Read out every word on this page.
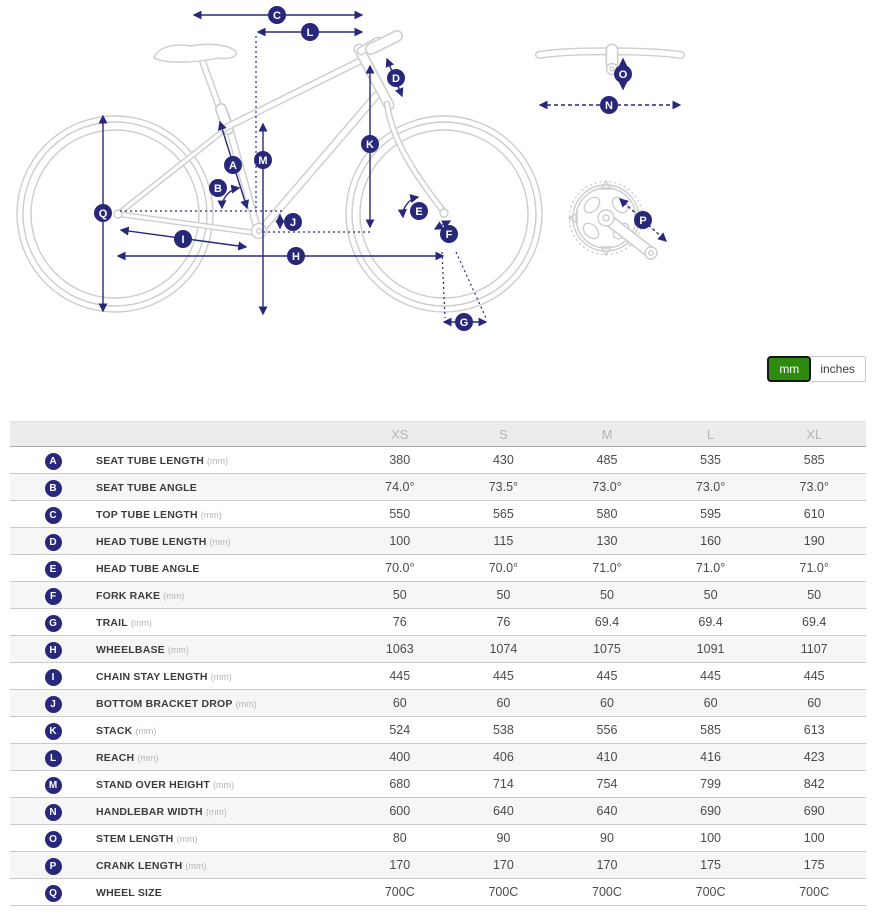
A
B
C
D
E
F
G
H
I
J
K
L
M
N
O
P
Q
mm	inches
		XS	S	M	L	XL
A	SEAT TUBE LENGTH (mm)	380	430	485	535	585
B	SEAT TUBE ANGLE	74.0°	73.5°	73.0°	73.0°	73.0°
C	TOP TUBE LENGTH (mm)	550	565	580	595	610
D	HEAD TUBE LENGTH (mm)	100	115	130	160	190
E	HEAD TUBE ANGLE	70.0°	70.0°	71.0°	71.0°	71.0°
F	FORK RAKE (mm)	50	50	50	50	50
G	TRAIL (mm)	76	76	69.4	69.4	69.4
H	WHEELBASE (mm)	1063	1074	1075	1091	1107
I	CHAIN STAY LENGTH (mm)	445	445	445	445	445
J	BOTTOM BRACKET DROP (mm)	60	60	60	60	60
K	STACK (mm)	524	538	556	585	613
L	REACH (mm)	400	406	410	416	423
M	STAND OVER HEIGHT (mm)	680	714	754	799	842
N	HANDLEBAR WIDTH (mm)	600	640	640	690	690
O	STEM LENGTH (mm)	80	90	90	100	100
P	CRANK LENGTH (mm)	170	170	170	175	175
Q	WHEEL SIZE	700C	700C	700C	700C	700C
